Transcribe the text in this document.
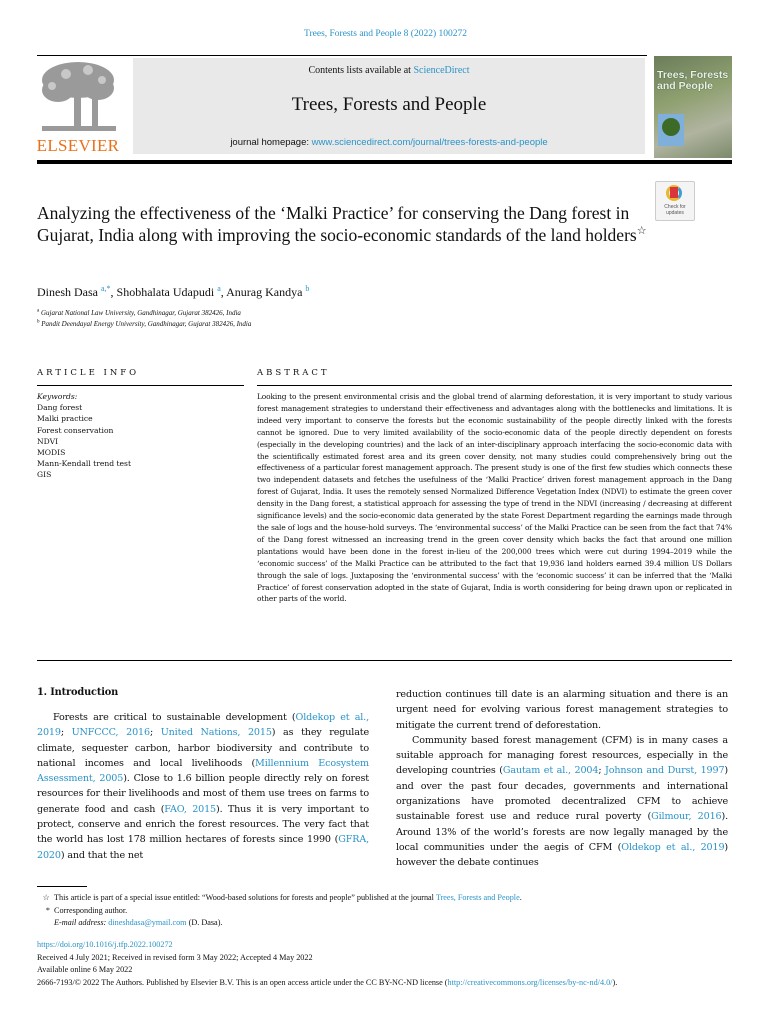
Trees, Forests and People 8 (2022) 100272
ELSEVIER
Contents lists available at ScienceDirect
Trees, Forests and People
journal homepage: www.sciencedirect.com/journal/trees-forests-and-people
Trees, Forests
and People
Analyzing the effectiveness of the ‘Malki Practice’ for conserving the Dang forest in Gujarat, India along with improving the socio-economic standards of the land holders☆
Check for updates
Dinesh Dasa $^{a,*}$, Shobhalata Udapudi $^a$, Anurag Kandya $^b$
$^a$ Gujarat National Law University, Gandhinagar, Gujarat 382426, India
$^b$ Pandit Deendayal Energy University, Gandhinagar, Gujarat 382426, India
ARTICLE INFO	ABSTRACT
Keywords:
Dang forest
Malki practice
Forest conservation
NDVI
MODIS
Mann-Kendall trend test
GIS
Looking to the present environmental crisis and the global trend of alarming deforestation, it is very important to study various forest management strategies to understand their effectiveness and advantages along with the bottlenecks and limitations. It is indeed very important to conserve the forests but the economic sustainability of the people directly linked with the forests cannot be ignored. Due to very limited availability of the socio-economic data of the people directly dependent on forests (especially in the developing countries) and the lack of an inter-disciplinary approach interfacing the socio-economic data with the scientifically estimated forest area and its green cover density, not many studies could comprehensively bring out the effectiveness of a particular forest management approach. The present study is one of the first few studies which connects these two independent datasets and fetches the usefulness of the ‘Malki Practice’ driven forest management approach in the Dang forest of Gujarat, India. It uses the remotely sensed Normalized Difference Vegetation Index (NDVI) to estimate the green cover density in the Dang forest, a statistical approach for assessing the type of trend in the NDVI (increasing / decreasing at different significance levels) and the socio-economic data generated by the state Forest Department regarding the earnings made through the sale of logs and the house-hold surveys. The ‘environmental success’ of the Malki Practice can be seen from the fact that 74% of the Dang forest witnessed an increasing trend in the green cover density which backs the fact that around one million plantations would have been done in the forest in-lieu of the 200,000 trees which were cut during 1994–2019 while the ‘economic success’ of the Malki Practice can be attributed to the fact that 19,936 land holders earned 39.4 million US Dollars through the sale of logs. Juxtaposing the ‘environmental success’ with the ‘economic success’ it can be inferred that the ‘Malki Practice’ of forest conservation adopted in the state of Gujarat, India is worth considering for being drawn upon or replicated in other parts of the world.
1. Introduction

Forests are critical to sustainable development (Oldekop et al., 2019; UNFCCC, 2016; United Nations, 2015) as they regulate climate, sequester carbon, harbor biodiversity and contribute to national incomes and local livelihoods (Millennium Ecosystem Assessment, 2005). Close to 1.6 billion people directly rely on forest resources for their livelihoods and most of them use trees on farms to generate food and cash (FAO, 2015). Thus it is very important to protect, conserve and enrich the forest resources. The very fact that the world has lost 178 million hectares of forests since 1990 (GFRA, 2020) and that the net

reduction continues till date is an alarming situation and there is an urgent need for evolving various forest management strategies to mitigate the current trend of deforestation.

Community based forest management (CFM) is in many cases a suitable approach for managing forest resources, especially in the developing countries (Gautam et al., 2004; Johnson and Durst, 1997) and over the past four decades, governments and international organizations have promoted decentralized CFM to achieve sustainable forest use and reduce rural poverty (Gilmour, 2016). Around 13% of the world’s forests are now legally managed by the local communities under the aegis of CFM (Oldekop et al., 2019) however the debate continues

☆ This article is part of a special issue entitled: “Wood-based solutions for forests and people” published at the journal Trees, Forests and People.
* Corresponding author.
E-mail address: dineshdasa@ymail.com (D. Dasa).
https://doi.org/10.1016/j.tfp.2022.100272
Received 4 July 2021; Received in revised form 3 May 2022; Accepted 4 May 2022
Available online 6 May 2022
2666-7193/© 2022 The Authors. Published by Elsevier B.V. This is an open access article under the CC BY-NC-ND license (http://creativecommons.org/licenses/by-nc-nd/4.0/).
